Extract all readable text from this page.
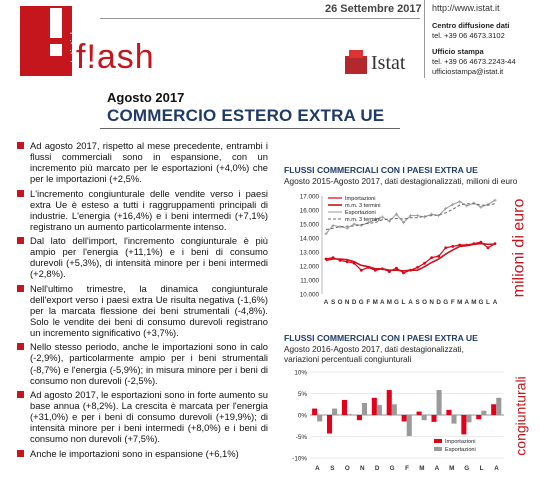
statistiche
f!ash
26 Settembre 2017 http://www.istat.it
Centro diffusione dati
tel. +39 06 4673.3102
Ufficio stampa
tel. +39 06 4673.2243-44
ufficiostampa@istat.it
Istat
Agosto 2017
COMMERCIO ESTERO EXTRA UE
Ad agosto 2017, rispetto al mese precedente, entrambi i flussi commerciali sono in espansione, con un incremento più marcato per le esportazioni (+4,0%) che per le importazioni (+2,5%.
L'incremento congiunturale delle vendite verso i paesi extra Ue è esteso a tutti i raggruppamenti principali di industrie. L'energia (+16,4%) e i beni intermedi (+7,1%) registrano un aumento particolarmente intenso.
Dal lato dell'import, l'incremento congiunturale è più ampio per l'energia (+11,1%) e i beni di consumo durevoli (+5,3%), di intensità minore per i beni intermedi (+2,8%).
Nell'ultimo trimestre, la dinamica congiunturale dell'export verso i paesi extra Ue risulta negativa (-1,6%) per la marcata flessione dei beni strumentali (-4,8%). Solo le vendite dei beni di consumo durevoli registrano un incremento significativo (+3,7%).
Nello stesso periodo, anche le importazioni sono in calo (-2,9%), particolarmente ampio per i beni strumentali (-8,7%) e l'energia (-5,9%); in misura minore per i beni di consumo non durevoli (-2,5%).
Ad agosto 2017, le esportazioni sono in forte aumento su base annua (+8,2%). La crescita è marcata per l'energia (+31,0%) e per i beni di consumo durevoli (+19,9%); di intensità minore per i beni intermedi (+8,0%) e i beni di consumo non durevoli (+7,5%).
Anche le importazioni sono in espansione (+6,1%)
FLUSSI COMMERCIALI CON I PAESI EXTRA UE
Agosto 2015-Agosto 2017, dati destagionalizzati, milioni di euro
17.000
16.000
15.000
14.000
13.000
12.000
11.000
10.000
A S O N D G F M A M G L A S O N D G F M A M G L A
Importazioni
m.m. 3 termini
Esportazioni
m.m. 3 termini	milioni di euro
FLUSSI COMMERCIALI CON I PAESI EXTRA UE
Agosto 2016-Agosto 2017, dati destagionalizzati,
variazioni percentuali congiunturali
10%
5%
0%
-5%
-10%
A S O N D G F M A M G L A
Importazioni
Esportazioni	congiunturali
